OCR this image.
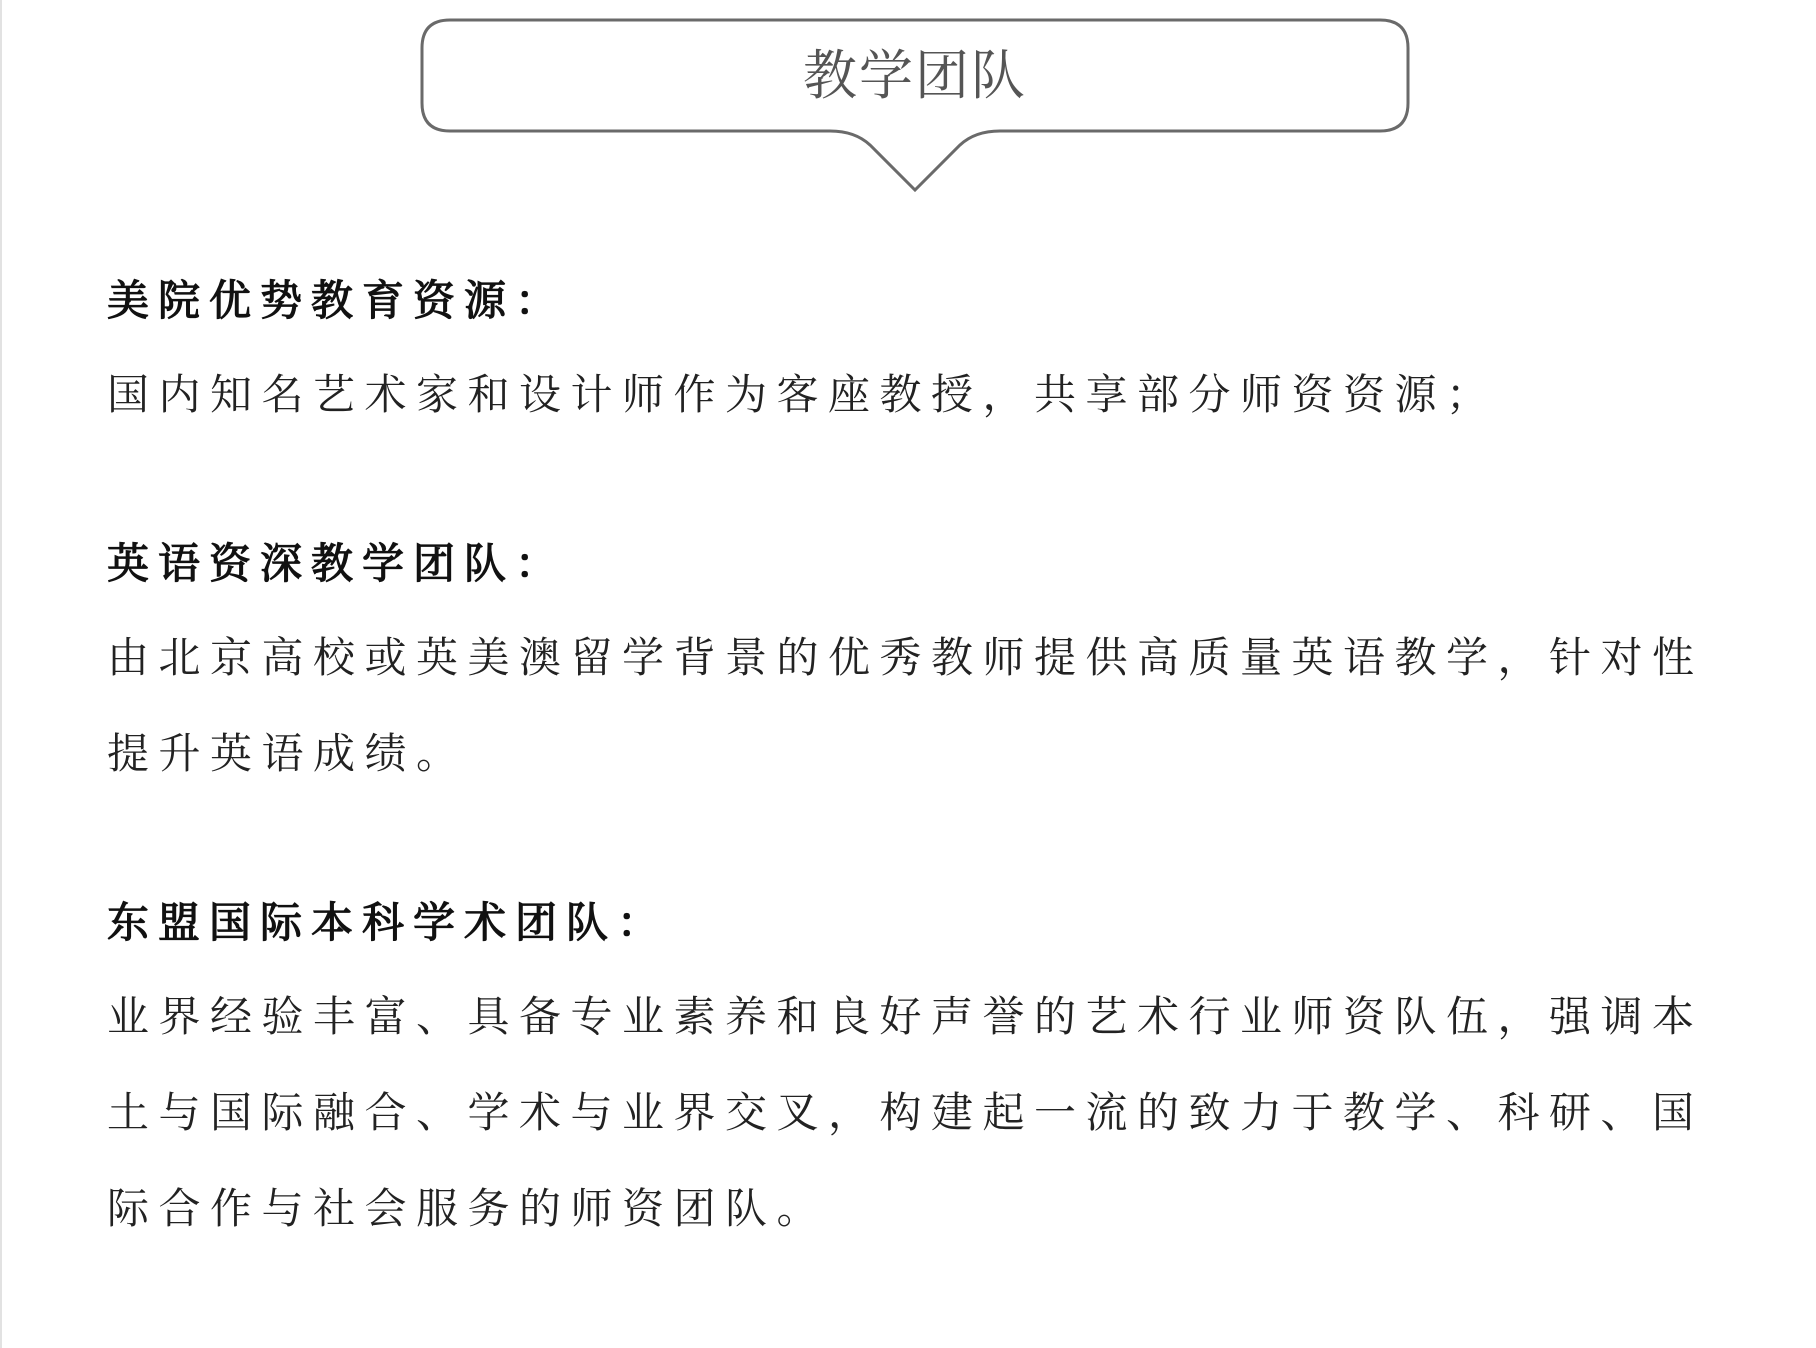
教学团队
美院优势教育资源：

国内知名艺术家和设计师作为客座教授，共享部分师资资源；

英语资深教学团队：

由北京高校或英美澳留学背景的优秀教师提供高质量英语教学，针对性提升英语成绩。

东盟国际本科学术团队：

业界经验丰富、具备专业素养和良好声誉的艺术行业师资队伍，强调本土与国际融合、学术与业界交叉，构建起一流的致力于教学、科研、国际合作与社会服务的师资团队。
